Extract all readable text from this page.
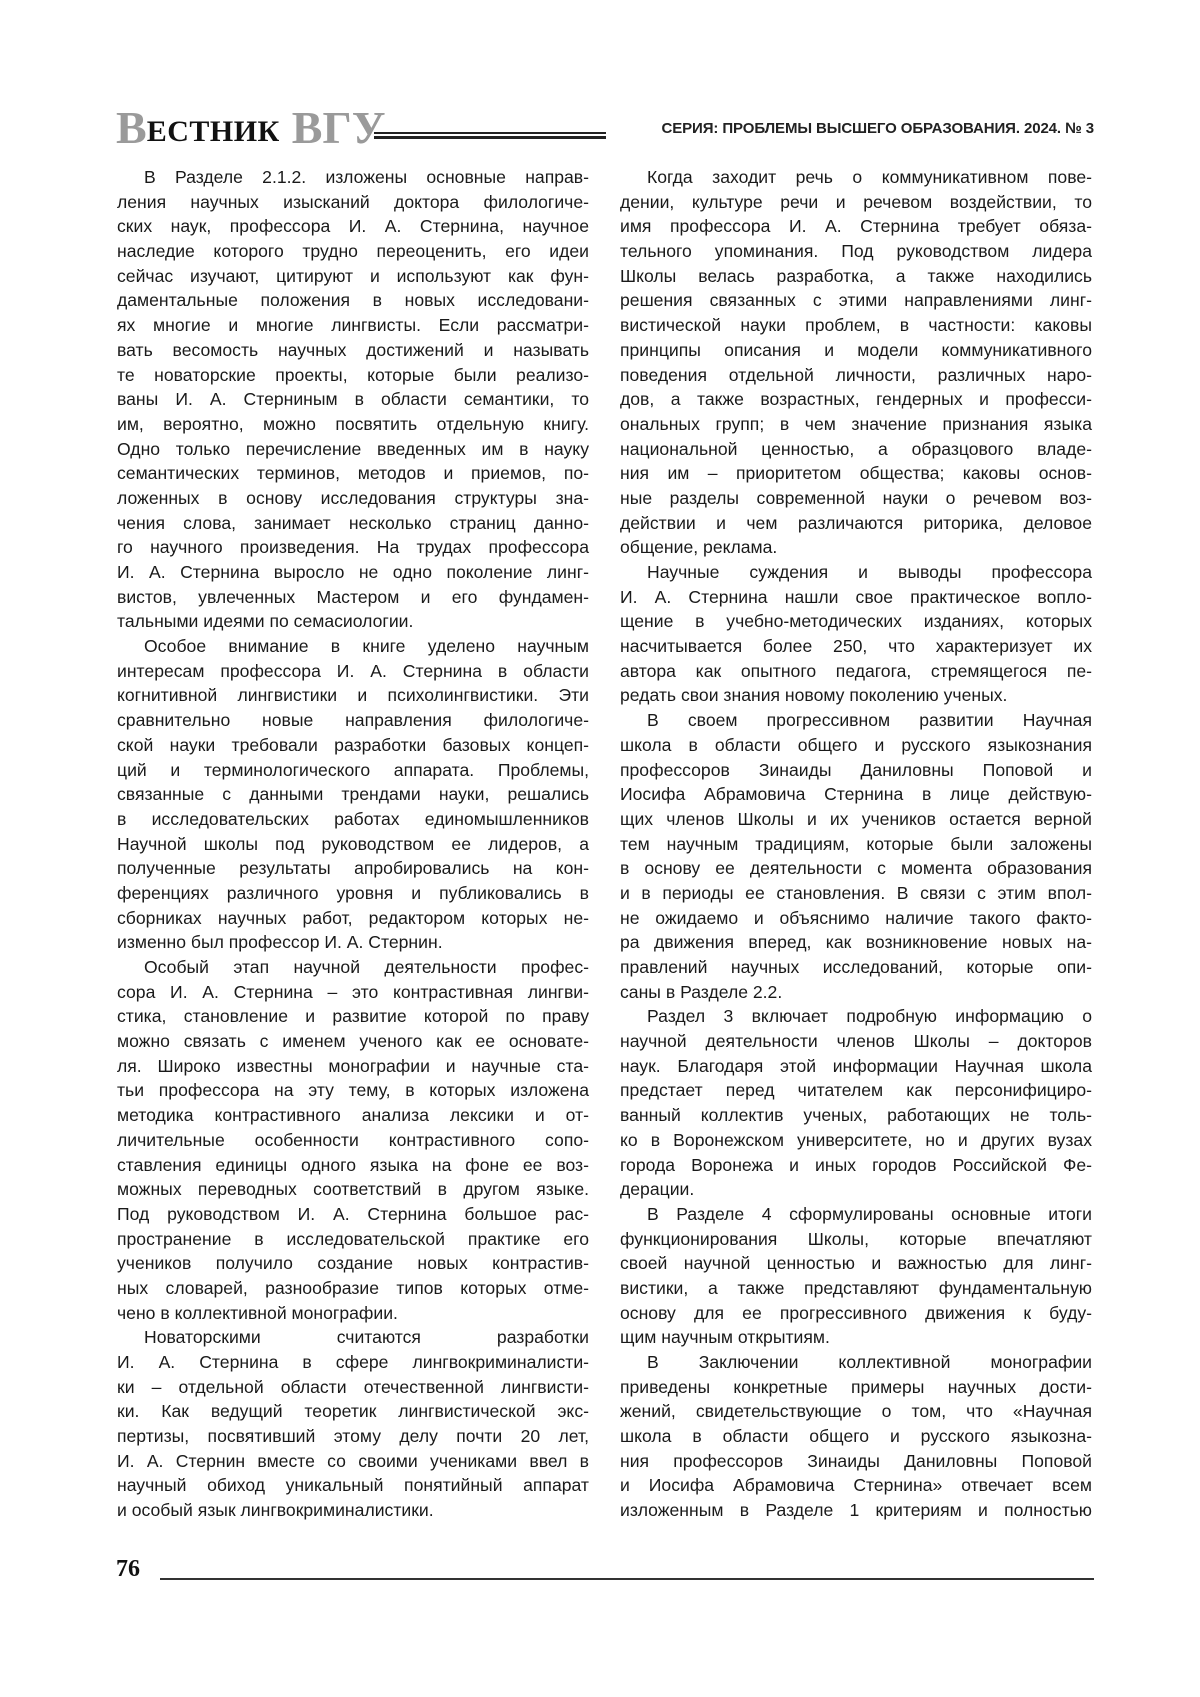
В ЕСТНИК ВГУ	СЕРИЯ: ПРОБЛЕМЫ ВЫСШЕГО ОБРАЗОВАНИЯ. 2024. № 3
В Разделе 2.1.2. изложены основные направ-
ления научных изысканий доктора филологиче-
ских наук, профессора И. А. Стернина, научное
наследие которого трудно переоценить, его идеи
сейчас изучают, цитируют и используют как фун-
даментальные положения в новых исследовани-
ях многие и многие лингвисты. Если рассматри-
вать весомость научных достижений и называть
те новаторские проекты, которые были реализо-
ваны И. А. Стерниным в области семантики, то
им, вероятно, можно посвятить отдельную книгу.
Одно только перечисление введенных им в науку
семантических терминов, методов и приемов, по-
ложенных в основу исследования структуры зна-
чения слова, занимает несколько страниц данно-
го научного произведения. На трудах профессора
И. А. Стернина выросло не одно поколение линг-
вистов, увлеченных Мастером и его фундамен-
тальными идеями по семасиологии.
Особое внимание в книге уделено научным
интересам профессора И. А. Стернина в области
когнитивной лингвистики и психолингвистики. Эти
сравнительно новые направления филологиче-
ской науки требовали разработки базовых концеп-
ций и терминологического аппарата. Проблемы,
связанные с данными трендами науки, решались
в исследовательских работах единомышленников
Научной школы под руководством ее лидеров, а
полученные результаты апробировались на кон-
ференциях различного уровня и публиковались в
сборниках научных работ, редактором которых не-
изменно был профессор И. А. Стернин.
Особый этап научной деятельности профес-
сора И. А. Стернина – это контрастивная лингви-
стика, становление и развитие которой по праву
можно связать с именем ученого как ее основате-
ля. Широко известны монографии и научные ста-
тьи профессора на эту тему, в которых изложена
методика контрастивного анализа лексики и от-
личительные особенности контрастивного сопо-
ставления единицы одного языка на фоне ее воз-
можных переводных соответствий в другом языке.
Под руководством И. А. Стернина большое рас-
пространение в исследовательской практике его
учеников получило создание новых контрастив-
ных словарей, разнообразие типов которых отме-
чено в коллективной монографии.
Новаторскими считаются разработки
И. А. Стернина в сфере лингвокриминалисти-
ки – отдельной области отечественной лингвисти-
ки. Как ведущий теоретик лингвистической экс-
пертизы, посвятивший этому делу почти 20 лет,
И. А. Стернин вместе со своими учениками ввел в
научный обиход уникальный понятийный аппарат
и особый язык лингвокриминалистики.
Когда заходит речь о коммуникативном пове-
дении, культуре речи и речевом воздействии, то
имя профессора И. А. Стернина требует обяза-
тельного упоминания. Под руководством лидера
Школы велась разработка, а также находились
решения связанных с этими направлениями линг-
вистической науки проблем, в частности: каковы
принципы описания и модели коммуникативного
поведения отдельной личности, различных наро-
дов, а также возрастных, гендерных и професси-
ональных групп; в чем значение признания языка
национальной ценностью, а образцового владе-
ния им – приоритетом общества; каковы основ-
ные разделы современной науки о речевом воз-
действии и чем различаются риторика, деловое
общение, реклама.
Научные суждения и выводы профессора
И. А. Стернина нашли свое практическое вопло-
щение в учебно-методических изданиях, которых
насчитывается более 250, что характеризует их
автора как опытного педагога, стремящегося пе-
редать свои знания новому поколению ученых.
В своем прогрессивном развитии Научная
школа в области общего и русского языкознания
профессоров Зинаиды Даниловны Поповой и
Иосифа Абрамовича Стернина в лице действую-
щих членов Школы и их учеников остается верной
тем научным традициям, которые были заложены
в основу ее деятельности с момента образования
и в периоды ее становления. В связи с этим впол-
не ожидаемо и объяснимо наличие такого факто-
ра движения вперед, как возникновение новых на-
правлений научных исследований, которые опи-
саны в Разделе 2.2.
Раздел 3 включает подробную информацию о
научной деятельности членов Школы – докторов
наук. Благодаря этой информации Научная школа
предстает перед читателем как персонифициро-
ванный коллектив ученых, работающих не толь-
ко в Воронежском университете, но и других вузах
города Воронежа и иных городов Российской Фе-
дерации.
В Разделе 4 сформулированы основные итоги
функционирования Школы, которые впечатляют
своей научной ценностью и важностью для линг-
вистики, а также представляют фундаментальную
основу для ее прогрессивного движения к буду-
щим научным открытиям.
В Заключении коллективной монографии
приведены конкретные примеры научных дости-
жений, свидетельствующие о том, что «Научная
школа в области общего и русского языкозна-
ния профессоров Зинаиды Даниловны Поповой
и Иосифа Абрамовича Стернина» отвечает всем
изложенным в Разделе 1 критериям и полностью
76
